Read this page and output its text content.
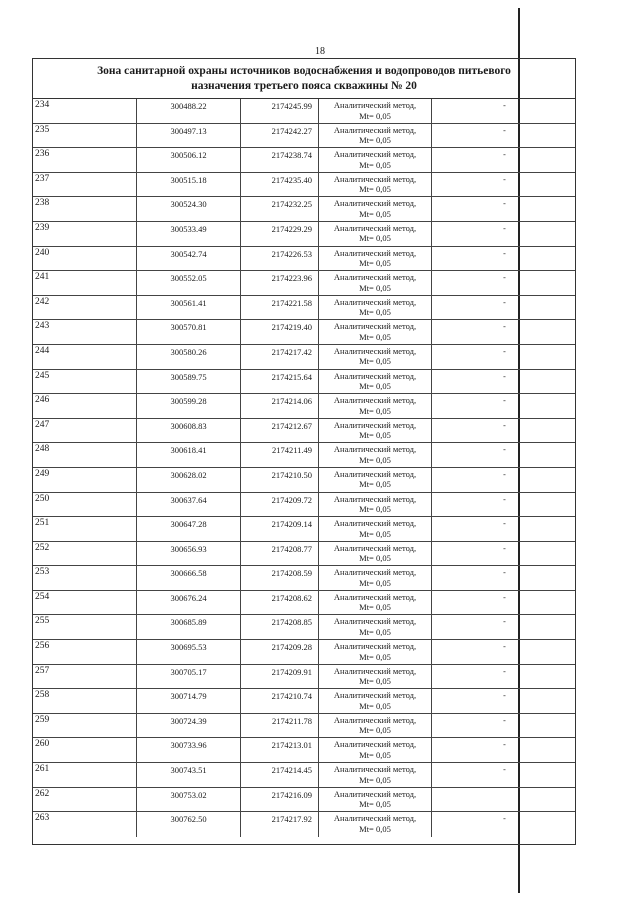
18
Зона санитарной охраны источников водоснабжения и водопроводов питьевого
назначения третьего пояса скважины № 20
234	300488.22	2174245.99	Аналитический метод,
Mt= 0,05
-
235	300497.13	2174242.27	Аналитический метод,
Mt= 0,05
-
236	300506.12	2174238.74	Аналитический метод,
Mt= 0,05
-
237	300515.18	2174235.40	Аналитический метод,
Mt= 0,05
-
238	300524.30	2174232.25	Аналитический метод,
Mt= 0,05
-
239	300533.49	2174229.29	Аналитический метод,
Mt= 0,05
-
240	300542.74	2174226.53	Аналитический метод,
Mt= 0,05
-
241	300552.05	2174223.96	Аналитический метод,
Mt= 0,05
-
242	300561.41	2174221.58	Аналитический метод,
Mt= 0,05
-
243	300570.81	2174219.40	Аналитический метод,
Mt= 0,05
-
244	300580.26	2174217.42	Аналитический метод,
Mt= 0,05
-
245	300589.75	2174215.64	Аналитический метод,
Mt= 0,05
-
246	300599.28	2174214.06	Аналитический метод,
Mt= 0,05
-
247	300608.83	2174212.67	Аналитический метод,
Mt= 0,05
-
248	300618.41	2174211.49	Аналитический метод,
Mt= 0,05
-
249	300628.02	2174210.50	Аналитический метод,
Mt= 0,05
-
250	300637.64	2174209.72	Аналитический метод,
Mt= 0,05
-
251	300647.28	2174209.14	Аналитический метод,
Mt= 0,05
-
252	300656.93	2174208.77	Аналитический метод,
Mt= 0,05
-
253	300666.58	2174208.59	Аналитический метод,
Mt= 0,05
-
254	300676.24	2174208.62	Аналитический метод,
Mt= 0,05
-
255	300685.89	2174208.85	Аналитический метод,
Mt= 0,05
-
256	300695.53	2174209.28	Аналитический метод,
Mt= 0,05
-
257	300705.17	2174209.91	Аналитический метод,
Mt= 0,05
-
258	300714.79	2174210.74	Аналитический метод,
Mt= 0,05
-
259	300724.39	2174211.78	Аналитический метод,
Mt= 0,05
-
260	300733.96	2174213.01	Аналитический метод,
Mt= 0,05
-
261	300743.51	2174214.45	Аналитический метод,
Mt= 0,05
-
262	300753.02	2174216.09	Аналитический метод,
Mt= 0,05
263	300762.50	2174217.92	Аналитический метод,
Mt= 0,05
-
